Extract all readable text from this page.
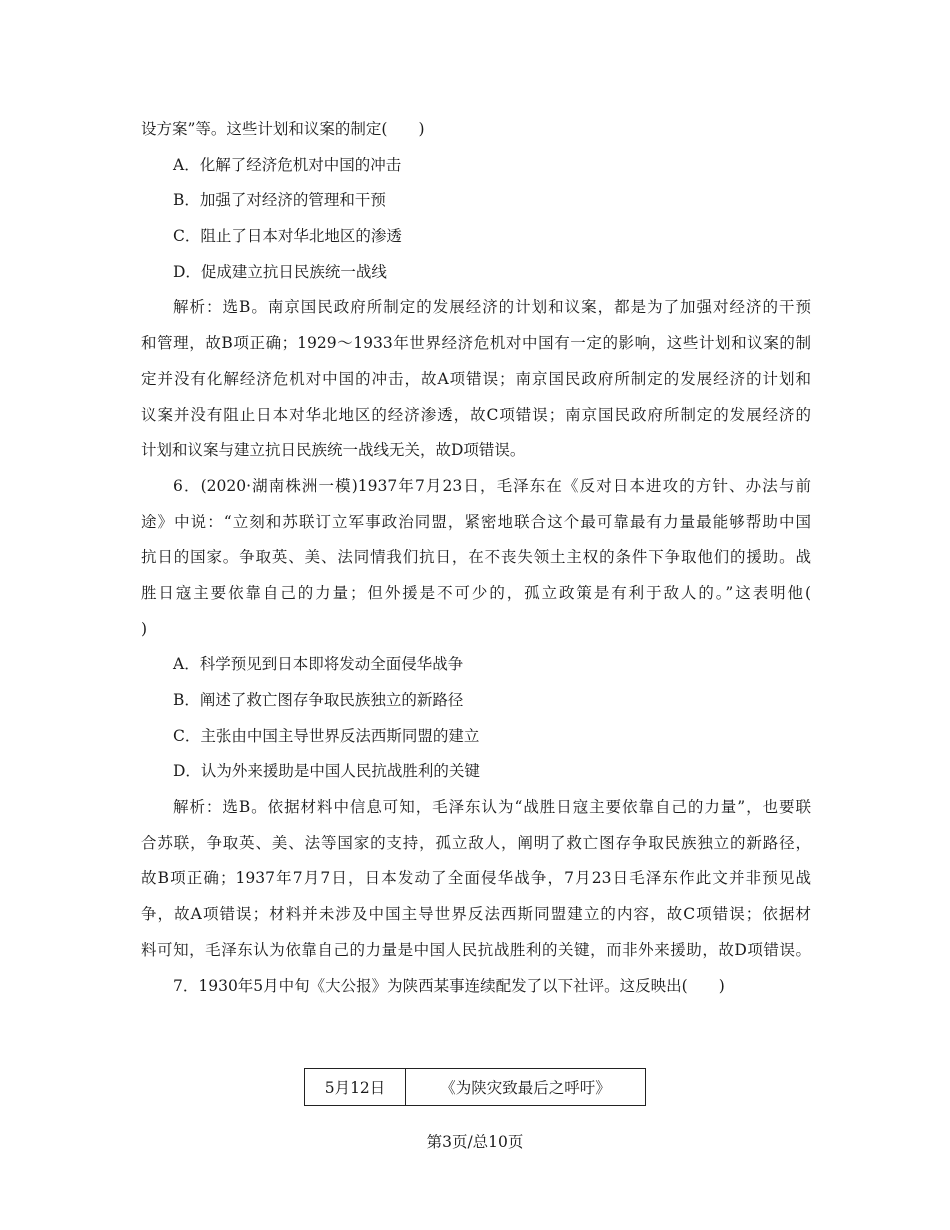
设方案”等。这些计划和议案的制定(　　)
A．化解了经济危机对中国的冲击
B．加强了对经济的管理和干预
C．阻止了日本对华北地区的渗透
D．促成建立抗日民族统一战线
解析：选B。南京国民政府所制定的发展经济的计划和议案，都是为了加强对经济的干预
和管理，故B项正确；1929～1933年世界经济危机对中国有一定的影响，这些计划和议案的制
定并没有化解经济危机对中国的冲击，故A项错误；南京国民政府所制定的发展经济的计划和
议案并没有阻止日本对华北地区的经济渗透，故C项错误；南京国民政府所制定的发展经济的
计划和议案与建立抗日民族统一战线无关，故D项错误。
6．(2020·湖南株洲一模)1937年7月23日，毛泽东在《反对日本进攻的方针、办法与前
途》中说：“立刻和苏联订立军事政治同盟，紧密地联合这个最可靠最有力量最能够帮助中国
抗日的国家。争取英、美、法同情我们抗日，在不丧失领土主权的条件下争取他们的援助。战
胜日寇主要依靠自己的力量；但外援是不可少的，孤立政策是有利于敌人的。”这表明他(
)
A．科学预见到日本即将发动全面侵华战争
B．阐述了救亡图存争取民族独立的新路径
C．主张由中国主导世界反法西斯同盟的建立
D．认为外来援助是中国人民抗战胜利的关键
解析：选B。依据材料中信息可知，毛泽东认为“战胜日寇主要依靠自己的力量”，也要联
合苏联，争取英、美、法等国家的支持，孤立敌人，阐明了救亡图存争取民族独立的新路径，
故B项正确；1937年7月7日，日本发动了全面侵华战争，7月23日毛泽东作此文并非预见战
争，故A项错误；材料并未涉及中国主导世界反法西斯同盟建立的内容，故C项错误；依据材
料可知，毛泽东认为依靠自己的力量是中国人民抗战胜利的关键，而非外来援助，故D项错误。
7．1930年5月中旬《大公报》为陕西某事连续配发了以下社评。这反映出(　　)
5月12日	《为陕灾致最后之呼吁》
第3页/总10页
